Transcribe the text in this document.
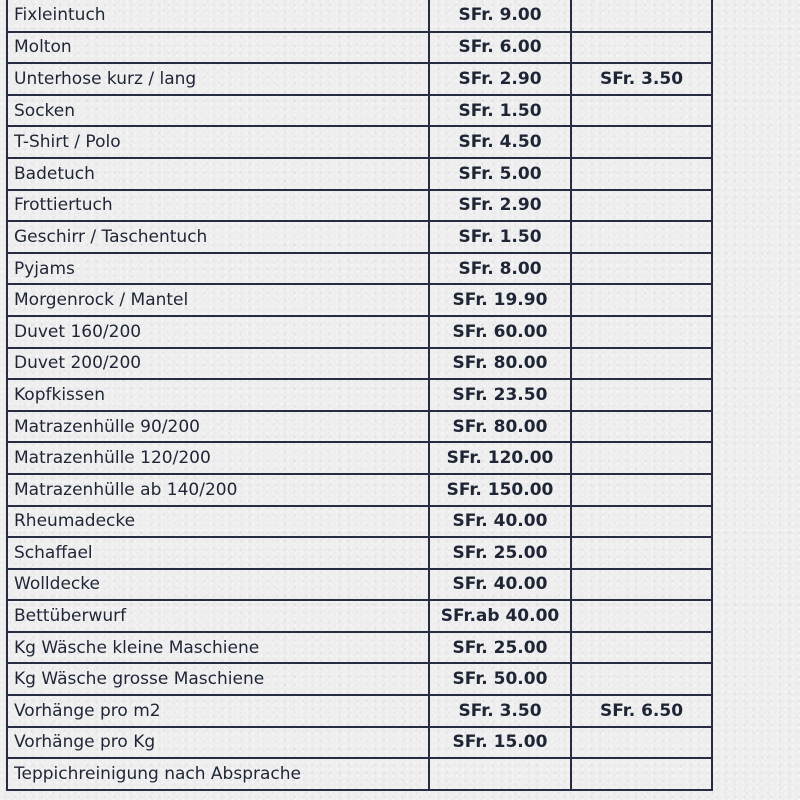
Fixleintuch	SFr. 9.00	
Molton	SFr. 6.00	
Unterhose kurz / lang	SFr. 2.90	SFr. 3.50
Socken	SFr. 1.50	
T-Shirt / Polo	SFr. 4.50	
Badetuch	SFr. 5.00	
Frottiertuch	SFr. 2.90	
Geschirr / Taschentuch	SFr. 1.50	
Pyjams	SFr. 8.00	
Morgenrock / Mantel	SFr. 19.90	
Duvet 160/200	SFr. 60.00	
Duvet 200/200	SFr. 80.00	
Kopfkissen	SFr. 23.50	
Matrazenhülle 90/200	SFr. 80.00	
Matrazenhülle 120/200	SFr. 120.00	
Matrazenhülle ab 140/200	SFr. 150.00	
Rheumadecke	SFr. 40.00	
Schaffael	SFr. 25.00	
Wolldecke	SFr. 40.00	
Bettüberwurf	SFr.ab 40.00	
Kg Wäsche kleine Maschiene	SFr. 25.00	
Kg Wäsche grosse Maschiene	SFr. 50.00	
Vorhänge pro m2	SFr. 3.50	SFr. 6.50
Vorhänge pro Kg	SFr. 15.00	
Teppichreinigung nach Absprache		
